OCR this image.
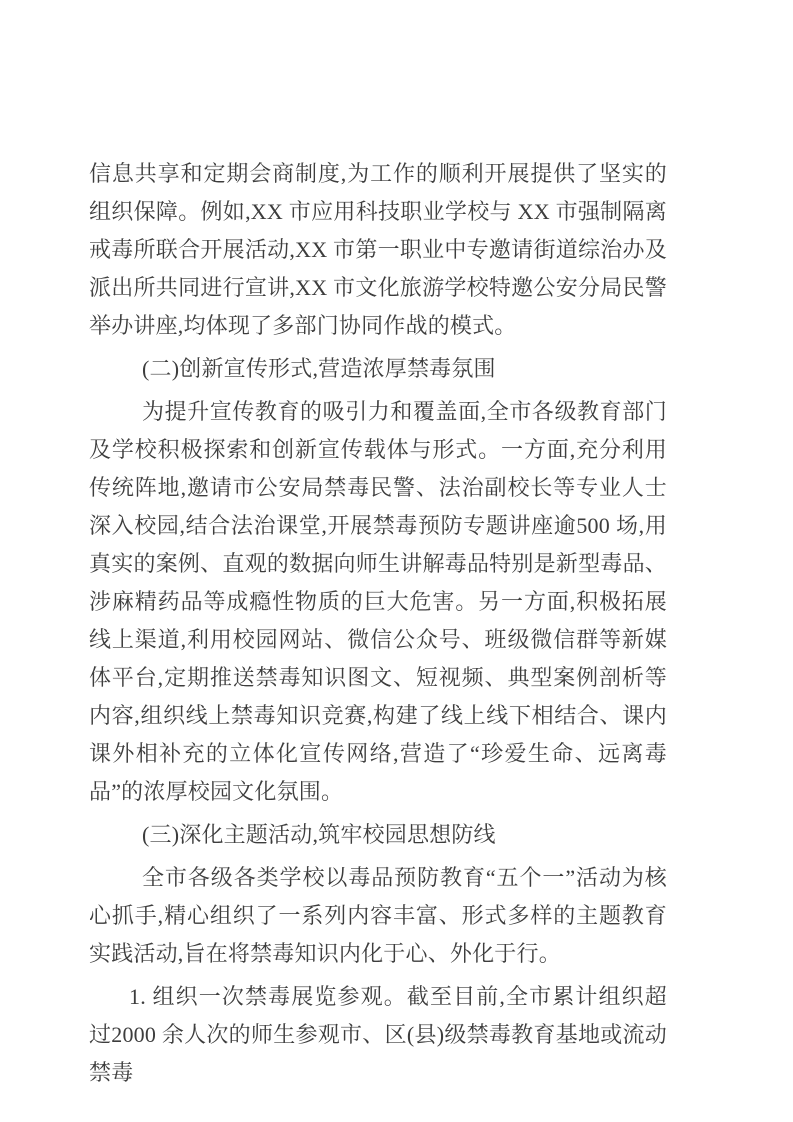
信息共享和定期会商制度,为工作的顺利开展提供了坚实的组织保障。例如,XX 市应用科技职业学校与 XX 市强制隔离戒毒所联合开展活动,XX 市第一职业中专邀请街道综治办及派出所共同进行宣讲,XX 市文化旅游学校特邀公安分局民警举办讲座,均体现了多部门协同作战的模式。

(二)创新宣传形式,营造浓厚禁毒氛围

为提升宣传教育的吸引力和覆盖面,全市各级教育部门及学校积极探索和创新宣传载体与形式。一方面,充分利用传统阵地,邀请市公安局禁毒民警、法治副校长等专业人士深入校园,结合法治课堂,开展禁毒预防专题讲座逾500 场,用真实的案例、直观的数据向师生讲解毒品特别是新型毒品、涉麻精药品等成瘾性物质的巨大危害。另一方面,积极拓展线上渠道,利用校园网站、微信公众号、班级微信群等新媒体平台,定期推送禁毒知识图文、短视频、典型案例剖析等内容,组织线上禁毒知识竞赛,构建了线上线下相结合、课内课外相补充的立体化宣传网络,营造了“珍爱生命、远离毒品”的浓厚校园文化氛围。

(三)深化主题活动,筑牢校园思想防线

全市各级各类学校以毒品预防教育“五个一”活动为核心抓手,精心组织了一系列内容丰富、形式多样的主题教育实践活动,旨在将禁毒知识内化于心、外化于行。

1. 组织一次禁毒展览参观。截至目前,全市累计组织超过2000 余人次的师生参观市、区(县)级禁毒教育基地或流动禁毒
